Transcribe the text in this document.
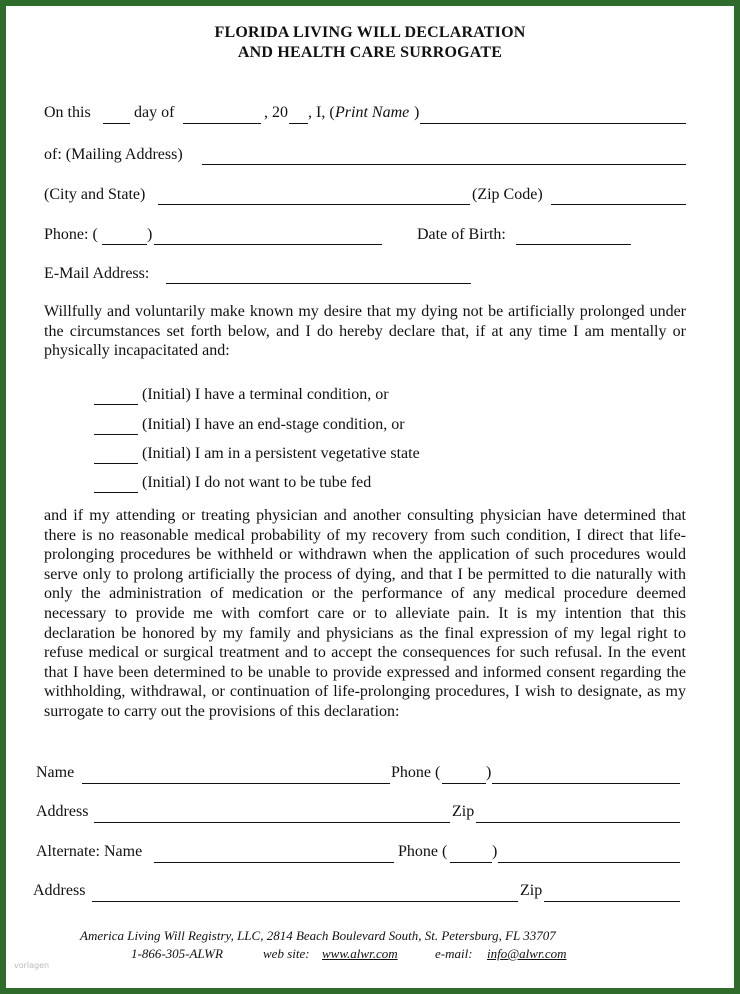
FLORIDA LIVING WILL DECLARATION
AND HEALTH CARE SURROGATE
On this	day of	, 20 , I, ( Print Name )
of: (Mailing Address)
(City and State)	(Zip Code)
Phone: (	)	Date of Birth:
E-Mail Address:
Willfully and voluntarily make known my desire that my dying not be artificially prolonged under the circumstances set forth below, and I do hereby declare that, if at any time I am mentally or physically incapacitated and:
(Initial) I have a terminal condition, or
(Initial) I have an end-stage condition, or
(Initial) I am in a persistent vegetative state
(Initial) I do not want to be tube fed
and if my attending or treating physician and another consulting physician have determined that there is no reasonable medical probability of my recovery from such condition, I direct that life-prolonging procedures be withheld or withdrawn when the application of such procedures would serve only to prolong artificially the process of dying, and that I be permitted to die naturally with only the administration of medication or the performance of any medical procedure deemed necessary to provide me with comfort care or to alleviate pain. It is my intention that this declaration be honored by my family and physicians as the final expression of my legal right to refuse medical or surgical treatment and to accept the consequences for such refusal. In the event that I have been determined to be unable to provide expressed and informed consent regarding the withholding, withdrawal, or continuation of life-prolonging procedures, I wish to designate, as my surrogate to carry out the provisions of this declaration:
Name	Phone (	)
Address	Zip
Alternate: Name	Phone (	)
Address	Zip
America Living Will Registry, LLC, 2814 Beach Boulevard South, St. Petersburg, FL 33707
1-866-305-ALWR	web site: www.alwr.com	e-mail: info@alwr.com
vorlagen
